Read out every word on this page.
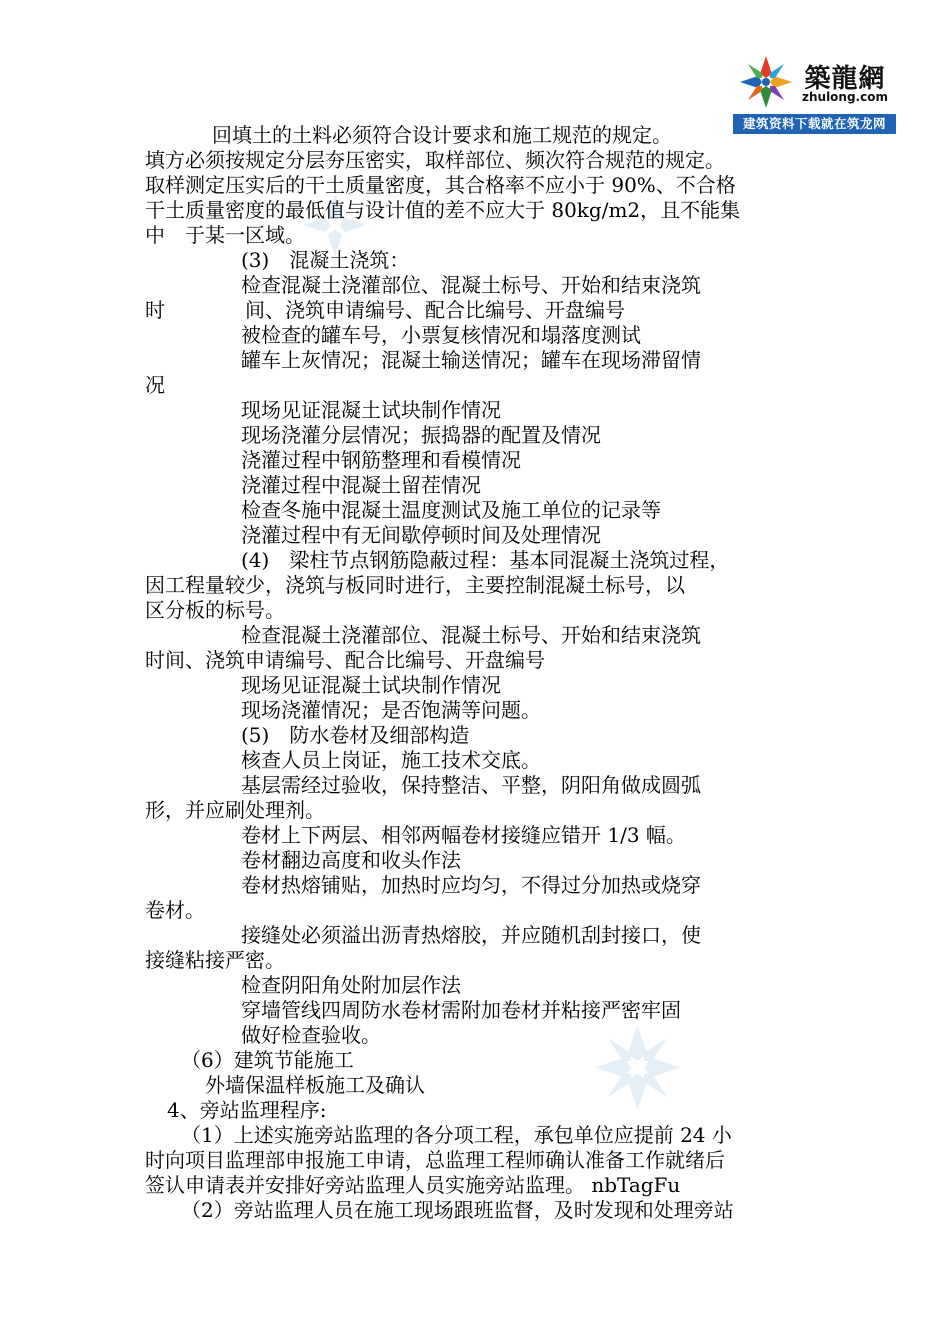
築龍網
zhulong.com
建筑资料下载就在筑龙网
回填土的土料必须符合设计要求和施工规范的规定。
填方必须按规定分层夯压密实，取样部位、频次符合规范的规定。
取样测定压实后的干土质量密度，其合格率不应小于 90%、不合格
干土质量密度的最低值与设计值的差不应大于 80kg/m2，且不能集
中　于某一区域。
(3)　混凝土浇筑：
检查混凝土浇灌部位、混凝土标号、开始和结束浇筑
时　　　　间、浇筑申请编号、配合比编号、开盘编号
被检查的罐车号，小票复核情况和塌落度测试
罐车上灰情况；混凝土输送情况；罐车在现场滞留情
况
现场见证混凝土试块制作情况
现场浇灌分层情况；振捣器的配置及情况
浇灌过程中钢筋整理和看模情况
浇灌过程中混凝土留茬情况
检查冬施中混凝土温度测试及施工单位的记录等
浇灌过程中有无间歇停顿时间及处理情况
(4)　梁柱节点钢筋隐蔽过程：基本同混凝土浇筑过程，
因工程量较少，浇筑与板同时进行，主要控制混凝土标号，以
区分板的标号。
检查混凝土浇灌部位、混凝土标号、开始和结束浇筑
时间、浇筑申请编号、配合比编号、开盘编号
现场见证混凝土试块制作情况
现场浇灌情况；是否饱满等问题。
(5)　防水卷材及细部构造
核查人员上岗证，施工技术交底。
基层需经过验收，保持整洁、平整，阴阳角做成圆弧
形，并应刷处理剂。
卷材上下两层、相邻两幅卷材接缝应错开 1/3 幅。
卷材翻边高度和收头作法
卷材热熔铺贴，加热时应均匀，不得过分加热或烧穿
卷材。
接缝处必须溢出沥青热熔胶，并应随机刮封接口，使
接缝粘接严密。
检查阴阳角处附加层作法
穿墙管线四周防水卷材需附加卷材并粘接严密牢固
做好检查验收。
（6）建筑节能施工
外墙保温样板施工及确认
4、旁站监理程序:
（1）上述实施旁站监理的各分项工程，承包单位应提前 24 小
时向项目监理部申报施工申请，总监理工程师确认准备工作就绪后
签认申请表并安排好旁站监理人员实施旁站监理。 nbTagFu
（2）旁站监理人员在施工现场跟班监督，及时发现和处理旁站
